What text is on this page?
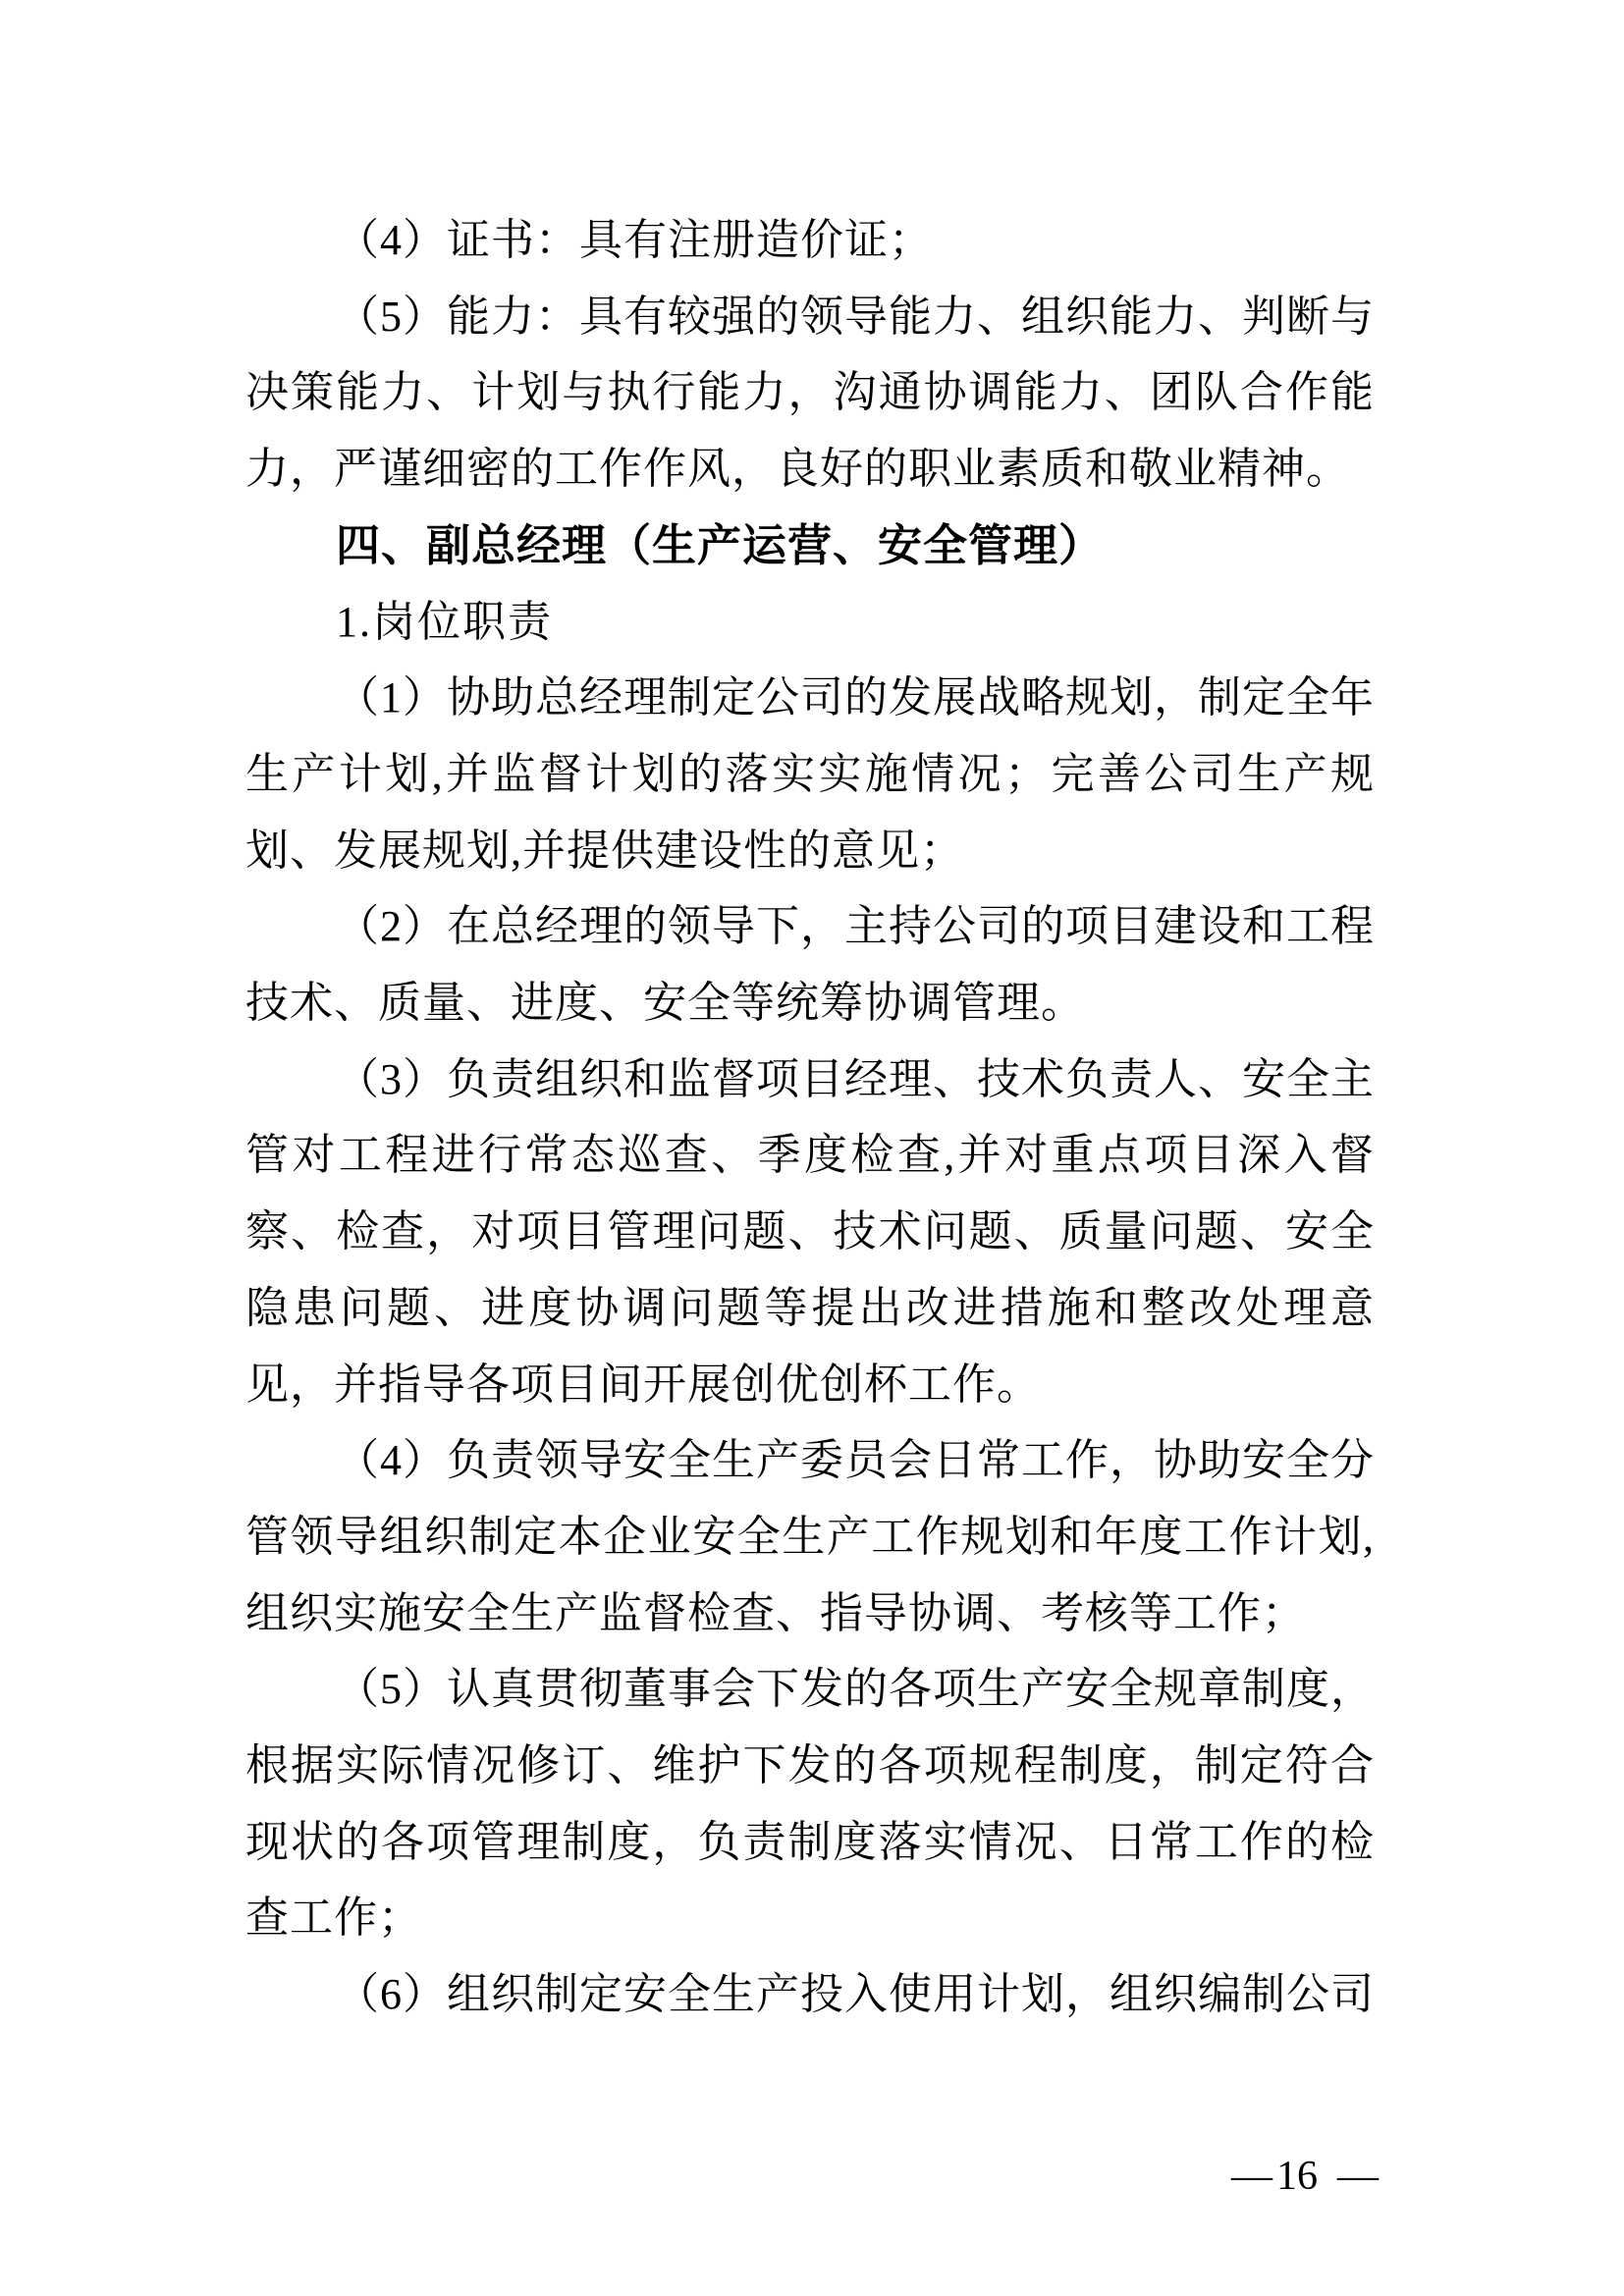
（4）证书：具有注册造价证；

（5）能力：具有较强的领导能力、组织能力、判断与决策能力、计划与执行能力，沟通协调能力、团队合作能力，严谨细密的工作作风，良好的职业素质和敬业精神。

四、副总经理（生产运营、安全管理）

1.岗位职责

（1）协助总经理制定公司的发展战略规划，制定全年生产计划,并监督计划的落实实施情况；完善公司生产规划、发展规划,并提供建设性的意见；

（2）在总经理的领导下，主持公司的项目建设和工程技术、质量、进度、安全等统筹协调管理。

（3）负责组织和监督项目经理、技术负责人、安全主管对工程进行常态巡查、季度检查,并对重点项目深入督察、检查，对项目管理问题、技术问题、质量问题、安全隐患问题、进度协调问题等提出改进措施和整改处理意见，并指导各项目间开展创优创杯工作。

（4）负责领导安全生产委员会日常工作，协助安全分管领导组织制定本企业安全生产工作规划和年度工作计划,组织实施安全生产监督检查、指导协调、考核等工作；

（5）认真贯彻董事会下发的各项生产安全规章制度，根据实际情况修订、维护下发的各项规程制度，制定符合现状的各项管理制度，负责制度落实情况、日常工作的检查工作；

（6）组织制定安全生产投入使用计划，组织编制公司

—16 —
